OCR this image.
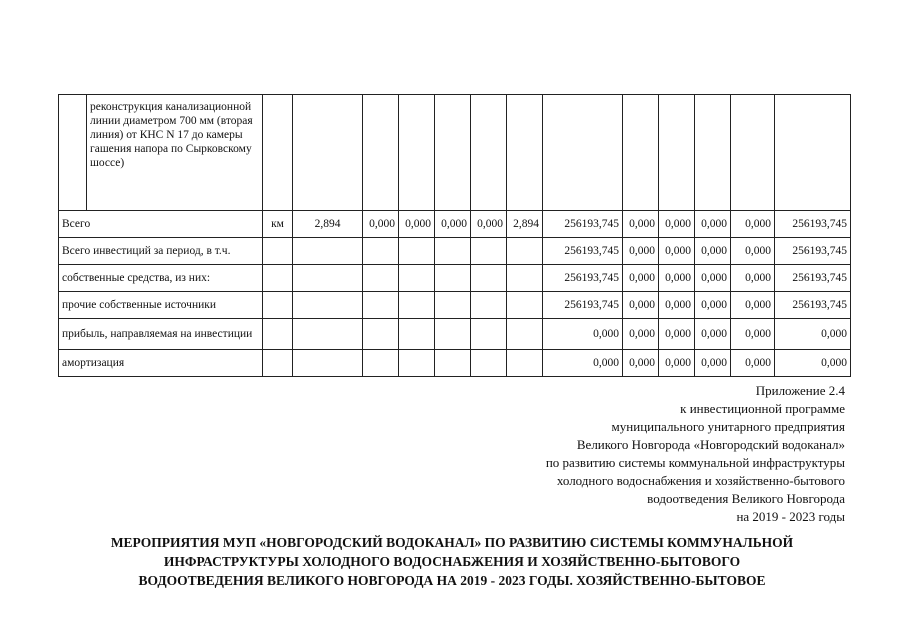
	реконструкция канализационной линии диаметром 700 мм (вторая линия) от КНС N 17 до камеры гашения напора по Сырковскому шоссе)													
Всего		км	2,894	0,000	0,000	0,000	0,000	2,894	256193,745	0,000	0,000	0,000	0,000	256193,745
Всего инвестиций за период, в т.ч.									256193,745	0,000	0,000	0,000	0,000	256193,745
собственные средства, из них:									256193,745	0,000	0,000	0,000	0,000	256193,745
прочие собственные источники									256193,745	0,000	0,000	0,000	0,000	256193,745
прибыль, направляемая на инвестиции									0,000	0,000	0,000	0,000	0,000	0,000
амортизация									0,000	0,000	0,000	0,000	0,000	0,000
Приложение 2.4
к инвестиционной программе
муниципального унитарного предприятия
Великого Новгорода «Новгородский водоканал»
по развитию системы коммунальной инфраструктуры
холодного водоснабжения и хозяйственно-бытового
водоотведения Великого Новгорода
на 2019 - 2023 годы
МЕРОПРИЯТИЯ МУП «НОВГОРОДСКИЙ ВОДОКАНАЛ» ПО РАЗВИТИЮ СИСТЕМЫ КОММУНАЛЬНОЙ
ИНФРАСТРУКТУРЫ ХОЛОДНОГО ВОДОСНАБЖЕНИЯ И ХОЗЯЙСТВЕННО-БЫТОВОГО
ВОДООТВЕДЕНИЯ ВЕЛИКОГО НОВГОРОДА НА 2019 - 2023 ГОДЫ. ХОЗЯЙСТВЕННО-БЫТОВОЕ
